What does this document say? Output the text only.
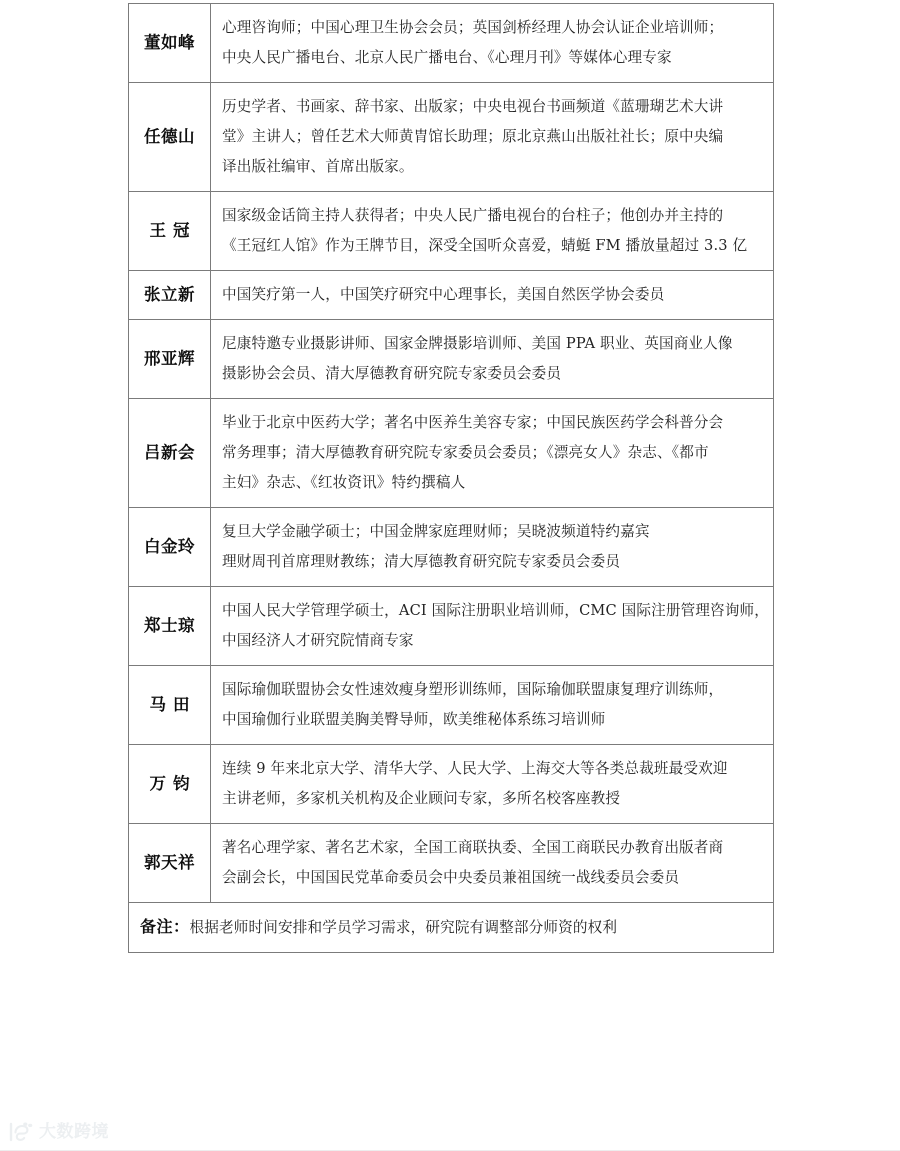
董如峰	心理咨询师；中国心理卫生协会会员；英国剑桥经理人协会认证企业培训师；

中央人民广播电台、北京人民广播电台、《心理月刊》等媒体心理专家

任德山	历史学者、书画家、辞书家、出版家；中央电视台书画频道《蓝珊瑚艺术大讲

堂》主讲人；曾任艺术大师黄胄馆长助理；原北京燕山出版社社长；原中央编

译出版社编审、首席出版家。

王冠	国家级金话筒主持人获得者；中央人民广播电视台的台柱子；他创办并主持的

《王冠红人馆》作为王牌节目，深受全国听众喜爱，蜻蜓 FM 播放量超过 3.3 亿

张立新	中国笑疗第一人，中国笑疗研究中心理事长，美国自然医学协会委员

邢亚辉	尼康特邀专业摄影讲师、国家金牌摄影培训师、美国 PPA 职业、英国商业人像

摄影协会会员、清大厚德教育研究院专家委员会委员

吕新会	毕业于北京中医药大学；著名中医养生美容专家；中国民族医药学会科普分会

常务理事；清大厚德教育研究院专家委员会委员；《漂亮女人》杂志、《都市

主妇》杂志、《红妆资讯》特约撰稿人

白金玲	复旦大学金融学硕士；中国金牌家庭理财师；吴晓波频道特约嘉宾

理财周刊首席理财教练；清大厚德教育研究院专家委员会委员

郑士琼	中国人民大学管理学硕士，ACI 国际注册职业培训师，CMC 国际注册管理咨询师，

中国经济人才研究院情商专家

马田	国际瑜伽联盟协会女性速效瘦身塑形训练师，国际瑜伽联盟康复理疗训练师，

中国瑜伽行业联盟美胸美臀导师，欧美维秘体系练习培训师

万钧	连续 9 年来北京大学、清华大学、人民大学、上海交大等各类总裁班最受欢迎

主讲老师，多家机关机构及企业顾问专家，多所名校客座教授

郭天祥	著名心理学家、著名艺术家，全国工商联执委、全国工商联民办教育出版者商

会副会长，中国国民党革命委员会中央委员兼祖国统一战线委员会委员

备注：根据老师时间安排和学员学习需求，研究院有调整部分师资的权利	
大数跨境
